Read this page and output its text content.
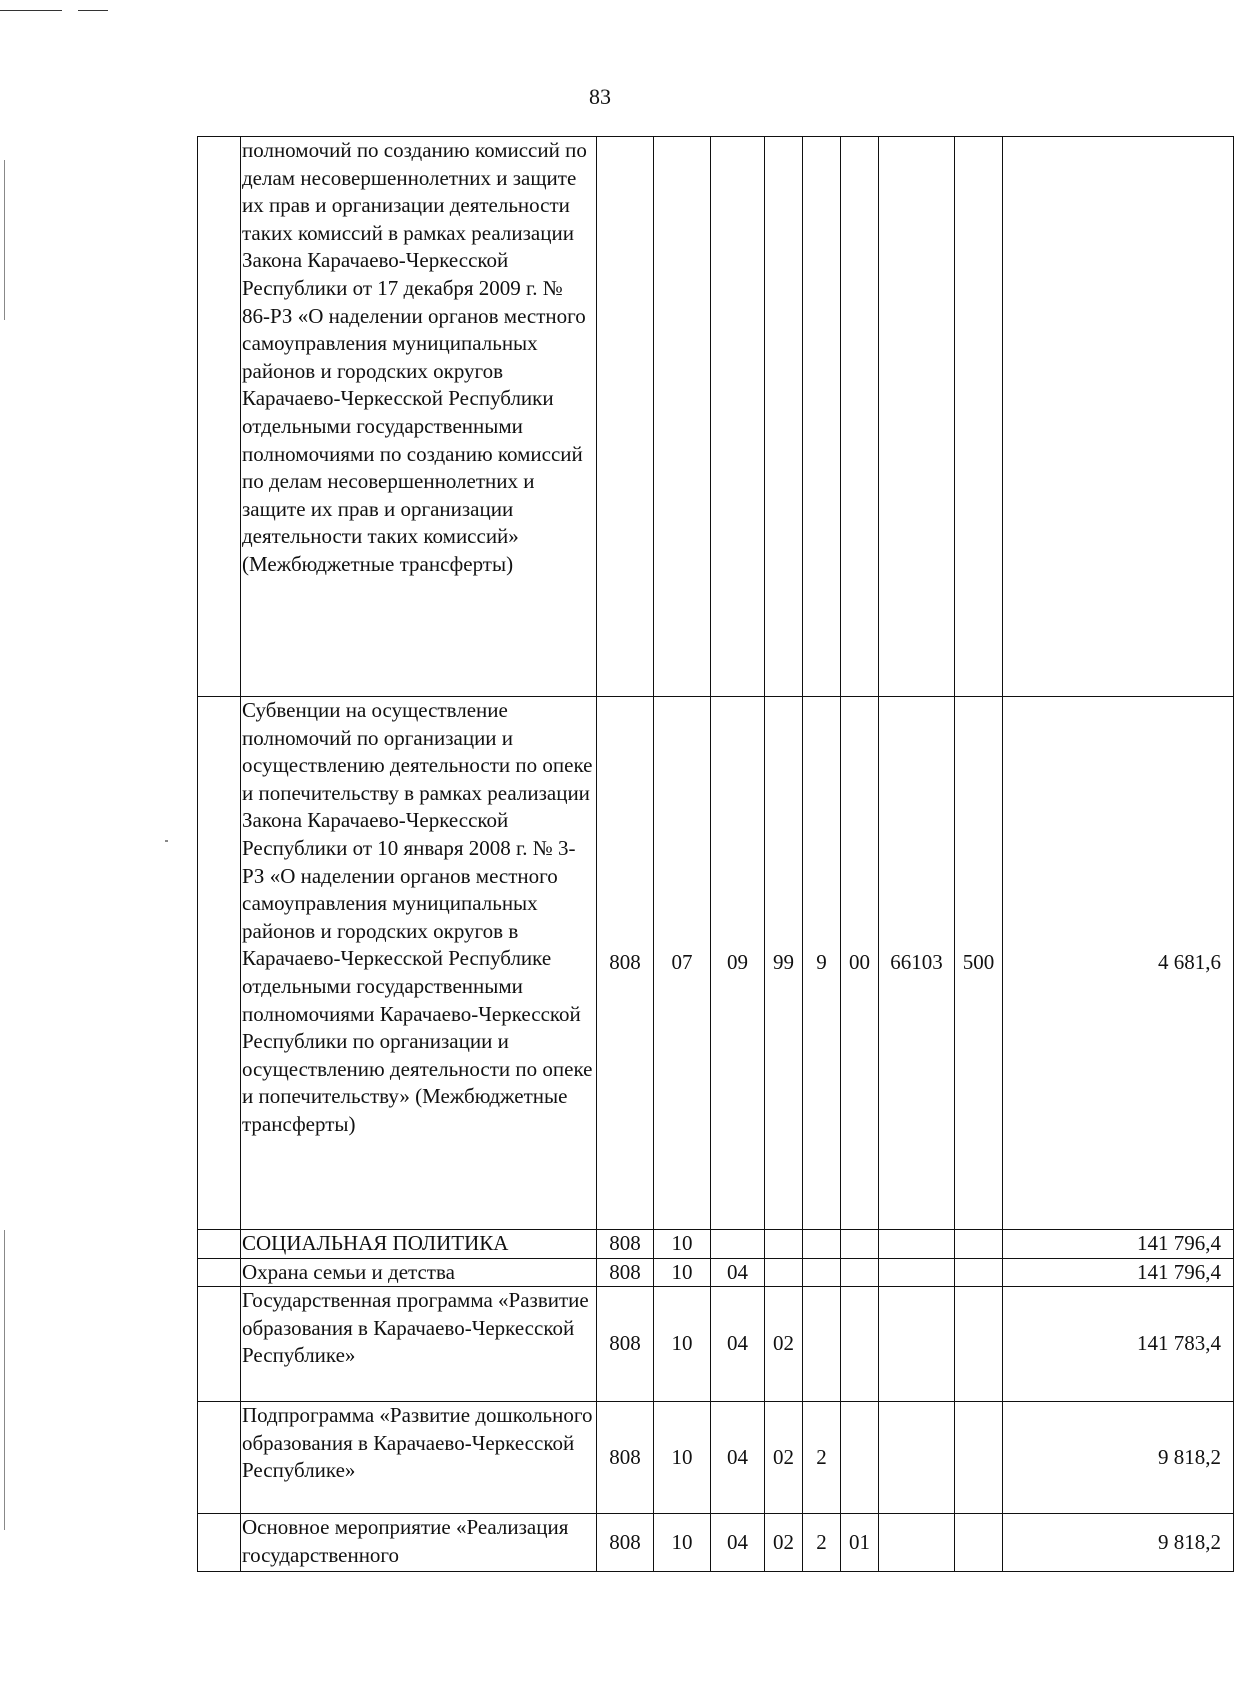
83
	полномочий по созданию комиссий по делам несовершеннолетних и защите их прав и организации деятельности таких комиссий в рамках реализации Закона Карачаево-Черкесской Республики от 17 декабря 2009 г. № 86-РЗ «О наделении органов местного самоуправления муниципальных районов и городских округов Карачаево-Черкесской Республики отдельными государственными полномочиями по созданию комиссий по делам несовершеннолетних и защите их прав и организации деятельности таких комиссий» (Межбюджетные трансферты)									
	Субвенции на осуществление полномочий по организации и осуществлению деятельности по опеке и попечительству в рамках реализации Закона Карачаево-Черкесской Республики от 10 января 2008 г. № 3-РЗ «О наделении органов местного самоуправления муниципальных районов и городских округов в Карачаево-Черкесской Республике отдельными государственными полномочиями Карачаево-Черкесской Республики по организации и осуществлению деятельности по опеке и попечительству» (Межбюджетные трансферты)	808	07	09	99	9	00	66103	500	4 681,6
	СОЦИАЛЬНАЯ ПОЛИТИКА	808	10							141 796,4
	Охрана семьи и детства	808	10	04						141 796,4
	Государственная программа «Развитие образования в Карачаево-Черкесской Республике»	808	10	04	02					141 783,4
	Подпрограмма «Развитие дошкольного образования в Карачаево-Черкесской Республике»	808	10	04	02	2				9 818,2
	Основное мероприятие «Реализация государственного	808	10	04	02	2	01			9 818,2
